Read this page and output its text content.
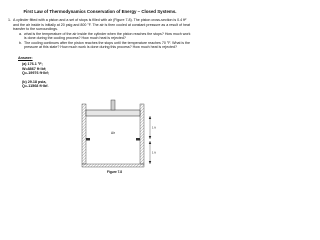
First Law of Thermodynamics Conservation of Energy – Closed Systems.
1. A cylinder fitted with a piston and a set of stops is filled with air (Figure 7.8). The piston cross-section is 0.4 ft²

and the air inside is initially at 20 psig and 800 °F. The air is then cooled at constant pressure as a result of heat

transfer to the surroundings.

a. what is the temperature of the air inside the cylinder when the piston reaches the stops? How much work

is done during the cooling process? How much heat is rejected?

b. The cooling continues after the piston reaches the stops until the temperature reaches 70 °F. What is the

pressure at this state? How much work is done during this process? How much heat is rejected?

Answer:
(a) 176.1 °F;
W=8867 ft·lbf;
Q=-19976 ft·lbf;
(b) 29.18 psia,
Q=-11568 ft·lbf.
Air
1 ft
1 ft
Figure 7.8
